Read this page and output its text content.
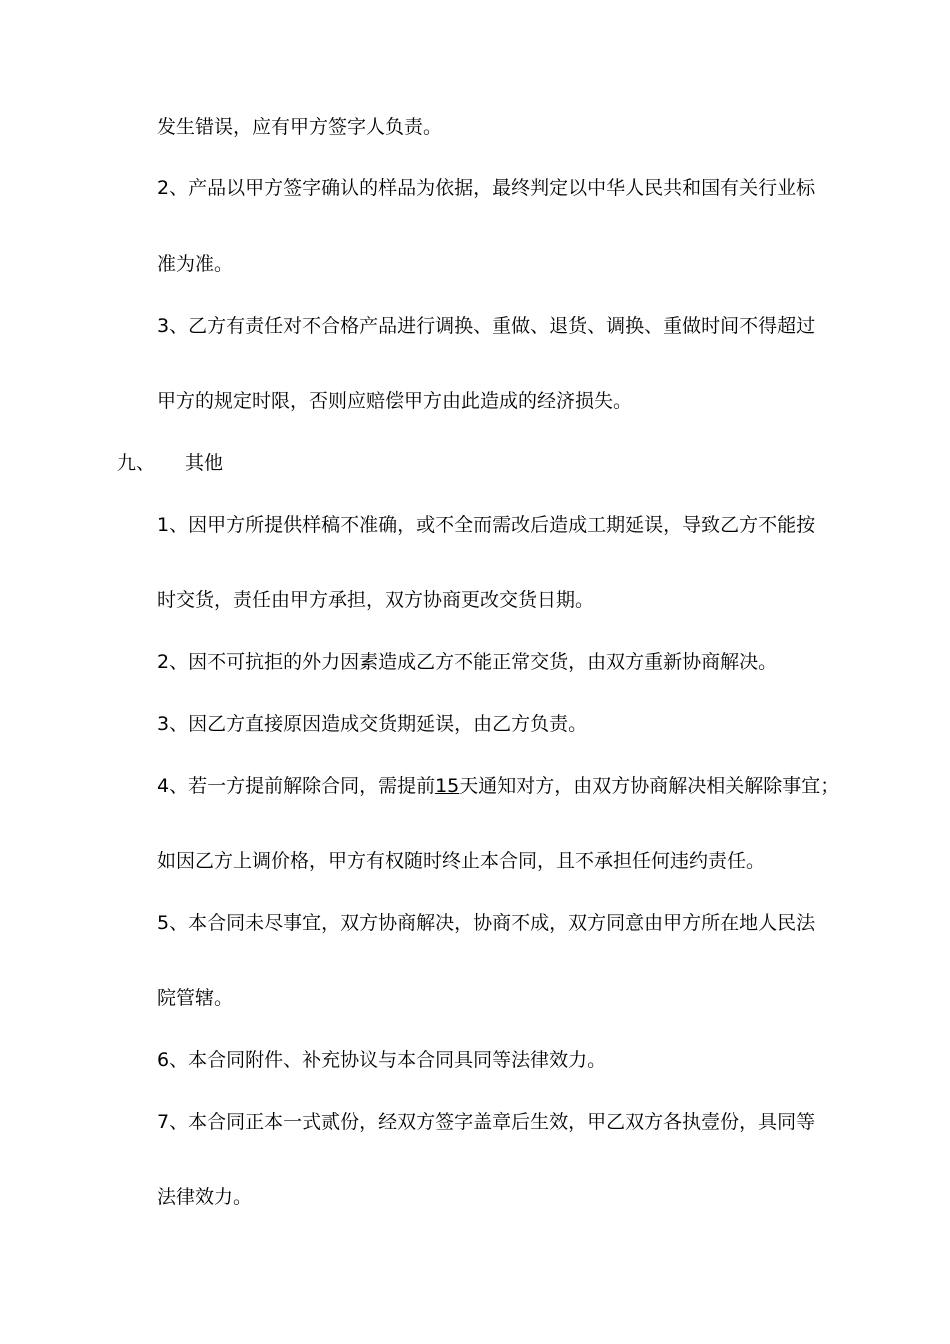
发生错误，应有甲方签字人负责。
2、产品以甲方签字确认的样品为依据，最终判定以中华人民共和国有关行业标
准为准。
3、乙方有责任对不合格产品进行调换、重做、退货、调换、重做时间不得超过
甲方的规定时限，否则应赔偿甲方由此造成的经济损失。
九、 其他
1、因甲方所提供样稿不准确，或不全而需改后造成工期延误，导致乙方不能按
时交货，责任由甲方承担，双方协商更改交货日期。
2、因不可抗拒的外力因素造成乙方不能正常交货，由双方重新协商解决。
3、因乙方直接原因造成交货期延误，由乙方负责。
4、若一方提前解除合同，需提前15天通知对方，由双方协商解决相关解除事宜；
如因乙方上调价格，甲方有权随时终止本合同，且不承担任何违约责任。
5、本合同未尽事宜，双方协商解决，协商不成，双方同意由甲方所在地人民法
院管辖。
6、本合同附件、补充协议与本合同具同等法律效力。
7、本合同正本一式贰份，经双方签字盖章后生效，甲乙双方各执壹份，具同等
法律效力。
